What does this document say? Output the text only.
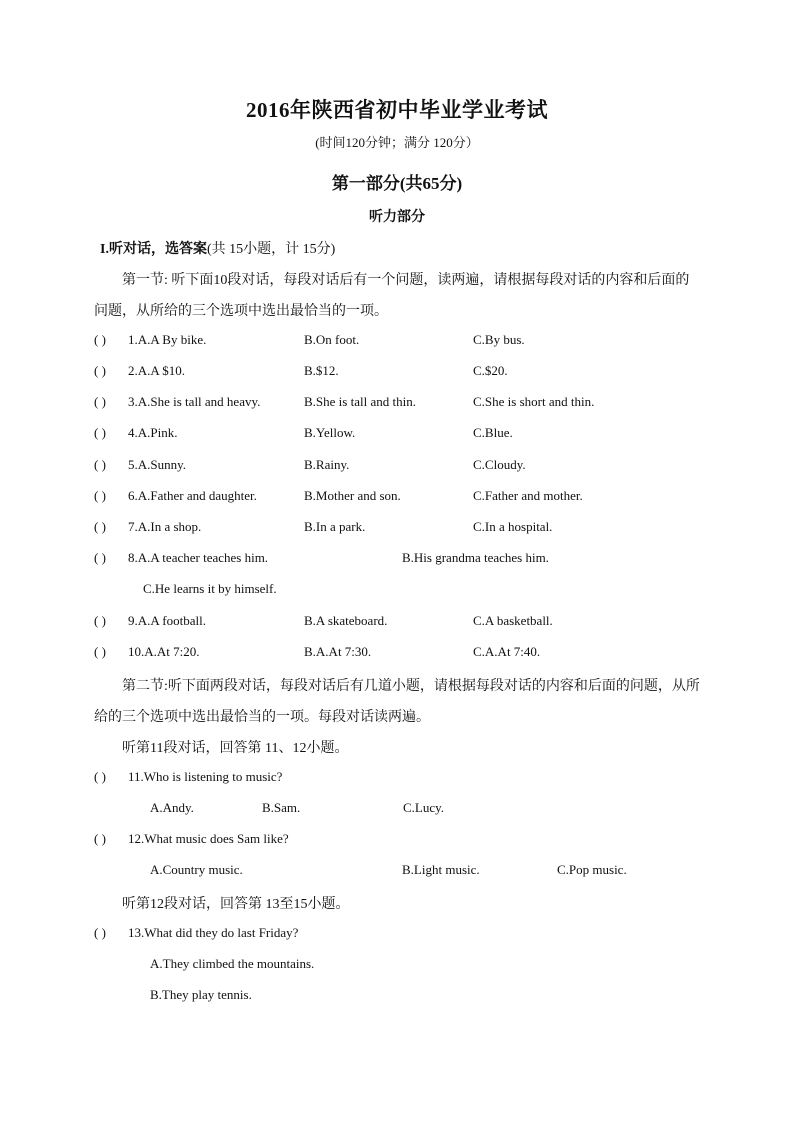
2016年陕西省初中毕业学业考试
(时间120分钟；满分 120分）
第一部分(共65分)
听力部分
I.听对话，选答案(共 15小题，计 15分)
第一节: 听下面10段对话，每段对话后有一个问题，读两遍，请根据每段对话的内容和后面的
问题，从所给的三个选项中选出最恰当的一项。
( ) 1.A.A By bike.	B.On foot.	C.By bus.
( ) 2.A.A $10.	B.$12.	C.$20.
( ) 3.A.She is tall and heavy.	B.She is tall and thin.	C.She is short and thin.
( ) 4.A.Pink.	B.Yellow.	C.Blue.
( ) 5.A.Sunny.	B.Rainy.	C.Cloudy.
( ) 6.A.Father and daughter.	B.Mother and son.	C.Father and mother.
( ) 7.A.In a shop.	B.In a park.	C.In a hospital.
( ) 8.A.A teacher teaches him.	B.His grandma teaches him.
C.He learns it by himself.
( ) 9.A.A football.	B.A skateboard.	C.A basketball.
( ) 10.A.At 7:20.	B.A.At 7:30.	C.A.At 7:40.
第二节:听下面两段对话，每段对话后有几道小题，请根据每段对话的内容和后面的问题，从所
给的三个选项中选出最恰当的一项。每段对话读两遍。
听第11段对话，回答第 11、12小题。
( ) 11.Who is listening to music?
A.Andy.	B.Sam.	C.Lucy.
( ) 12.What music does Sam like?
A.Country music.	B.Light music.	C.Pop music.
听第12段对话，回答第 13至15小题。
( ) 13.What did they do last Friday?
A.They climbed the mountains.
B.They play tennis.
